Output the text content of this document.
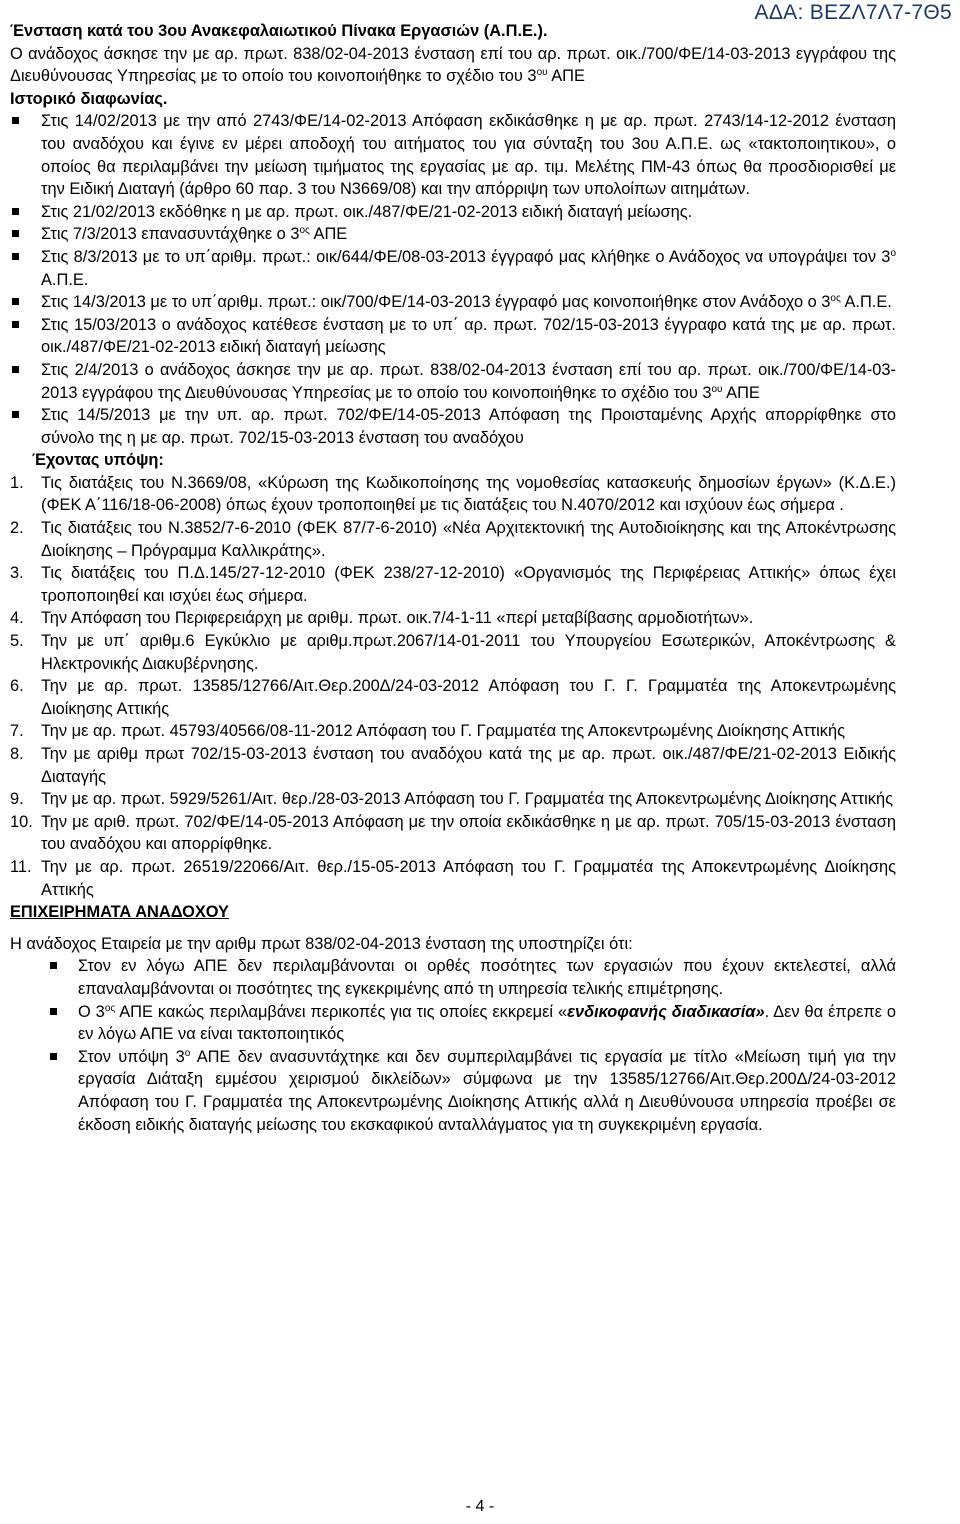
ΑΔΑ: ΒΕΖΛ7Λ7-7Θ5

Ένσταση κατά του 3ου Ανακεφαλαιωτικού Πίνακα Εργασιών (Α.Π.Ε.).

Ο ανάδοχος άσκησε την με αρ. πρωτ. 838/02-04-2013 ένσταση επί του αρ. πρωτ. οικ./700/ΦΕ/14-03-2013 εγγράφου της Διευθύνουσας Υπηρεσίας με το οποίο του κοινοποιήθηκε το σχέδιο του $3^{o\upsilon}$ ΑΠΕ

Ιστορικό διαφωνίας.

Στις 14/02/2013 με την από 2743/ΦΕ/14-02-2013 Απόφαση εκδικάσθηκε η με αρ. πρωτ. 2743/14-12-2012 ένσταση του αναδόχου και έγινε εν μέρει αποδοχή του αιτήματος του για σύνταξη του 3ου Α.Π.Ε. ως «τακτοποιητικου», ο οποίος θα περιλαμβάνει την μείωση τιμήματος της εργασίας με αρ. τιμ. Μελέτης ΠΜ-43 όπως θα προσδιορισθεί με την Ειδική Διαταγή (άρθρο 60 παρ. 3 του Ν3669/08) και την απόρριψη των υπολοίπων αιτημάτων.

Στις 21/02/2013 εκδόθηκε η με αρ. πρωτ. οικ./487/ΦΕ/21-02-2013 ειδική διαταγή μείωσης.

Στις 7/3/2013 επανασυντάχθηκε ο $3^{o\varsigma}$ ΑΠΕ

Στις 8/3/2013 με το υπ΄αριθμ. πρωτ.: οικ/644/ΦΕ/08-03-2013 έγγραφό μας κλήθηκε ο Ανάδοχος να υπογράψει τον $3^o$ Α.Π.Ε.

Στις 14/3/2013 με το υπ΄αριθμ. πρωτ.: οικ/700/ΦΕ/14-03-2013 έγγραφό μας κοινοποιήθηκε στον Ανάδοχο ο $3^{o\varsigma}$ Α.Π.Ε.

Στις 15/03/2013 ο ανάδοχος κατέθεσε ένσταση με το υπ΄ αρ. πρωτ. 702/15-03-2013 έγγραφο κατά της με αρ. πρωτ. οικ./487/ΦΕ/21-02-2013 ειδική διαταγή μείωσης

Στις 2/4/2013 ο ανάδοχος άσκησε την με αρ. πρωτ. 838/02-04-2013 ένσταση επί του αρ. πρωτ. οικ./700/ΦΕ/14-03-2013 εγγράφου της Διευθύνουσας Υπηρεσίας με το οποίο του κοινοποιήθηκε το σχέδιο του $3^{o\upsilon}$ ΑΠΕ

Στις 14/5/2013 με την υπ. αρ. πρωτ. 702/ΦΕ/14-05-2013 Απόφαση της Προισταμένης Αρχής απορρίφθηκε στο σύνολο της η με αρ. πρωτ. 702/15-03-2013 ένσταση του αναδόχου

Έχοντας υπόψη:

1. Τις διατάξεις του Ν.3669/08, «Κύρωση της Κωδικοποίησης της νομοθεσίας κατασκευής δημοσίων έργων» (Κ.Δ.Ε.) (ΦΕΚ Α΄116/18-06-2008) όπως έχουν τροποποιηθεί με τις διατάξεις του Ν.4070/2012 και ισχύουν έως σήμερα .

2. Τις διατάξεις του Ν.3852/7-6-2010 (ΦΕΚ 87/7-6-2010) «Νέα Αρχιτεκτονική της Αυτοδιοίκησης και της Αποκέντρωσης Διοίκησης – Πρόγραμμα Καλλικράτης».

3. Τις διατάξεις του Π.Δ.145/27-12-2010 (ΦΕΚ 238/27-12-2010) «Οργανισμός της Περιφέρειας Αττικής» όπως έχει τροποποιηθεί και ισχύει έως σήμερα.

4. Την Απόφαση του Περιφερειάρχη με αριθμ. πρωτ. οικ.7/4-1-11 «περί μεταβίβασης αρμοδιοτήτων».

5. Την με υπ΄ αριθμ.6 Εγκύκλιο με αριθμ.πρωτ.2067/14-01-2011 του Υπουργείου Εσωτερικών, Αποκέντρωσης & Ηλεκτρονικής Διακυβέρνησης.

6. Την με αρ. πρωτ. 13585/12766/Αιτ.Θερ.200Δ/24-03-2012 Απόφαση του Γ. Γ. Γραμματέα της Αποκεντρωμένης Διοίκησης Αττικής

7. Την με αρ. πρωτ. 45793/40566/08-11-2012 Απόφαση του Γ. Γραμματέα της Αποκεντρωμένης Διοίκησης Αττικής

8. Την με αριθμ πρωτ 702/15-03-2013 ένσταση του αναδόχου κατά της με αρ. πρωτ. οικ./487/ΦΕ/21-02-2013 Ειδικής Διαταγής

9. Την με αρ. πρωτ. 5929/5261/Αιτ. θερ./28-03-2013 Απόφαση του Γ. Γραμματέα της Αποκεντρωμένης Διοίκησης Αττικής

10. Την με αριθ. πρωτ. 702/ΦΕ/14-05-2013 Απόφαση με την οποία εκδικάσθηκε η με αρ. πρωτ. 705/15-03-2013 ένσταση του αναδόχου και απορρίφθηκε.

11. Την με αρ. πρωτ. 26519/22066/Αιτ. θερ./15-05-2013 Απόφαση του Γ. Γραμματέα της Αποκεντρωμένης Διοίκησης Αττικής

ΕΠΙΧΕΙΡΗΜΑΤΑ ΑΝΑΔΟΧΟΥ

Η ανάδοχος Εταιρεία με την αριθμ πρωτ 838/02-04-2013 ένσταση της υποστηρίζει ότι:

Στον εν λόγω ΑΠΕ δεν περιλαμβάνονται οι ορθές ποσότητες των εργασιών που έχουν εκτελεστεί, αλλά επαναλαμβάνονται οι ποσότητες της εγκεκριμένης από τη υπηρεσία τελικής επιμέτρησης.

Ο $3^{o\varsigma}$ ΑΠΕ κακώς περιλαμβάνει περικοπές για τις οποίες εκκρεμεί «ενδικοφανής διαδικασία». Δεν θα έπρεπε ο εν λόγω ΑΠΕ να είναι τακτοποιητικός

Στον υπόψη $3^o$ ΑΠΕ δεν ανασυντάχτηκε και δεν συμπεριλαμβάνει τις εργασία με τίτλο «Μείωση τιμή για την εργασία Διάταξη εμμέσου χειρισμού δικλείδων» σύμφωνα με την 13585/12766/Αιτ.Θερ.200Δ/24-03-2012 Απόφαση του Γ. Γραμματέα της Αποκεντρωμένης Διοίκησης Αττικής αλλά η Διευθύνουσα υπηρεσία προέβει σε έκδοση ειδικής διαταγής μείωσης του εκσκαφικού ανταλλάγματος για τη συγκεκριμένη εργασία.

- 4 -
